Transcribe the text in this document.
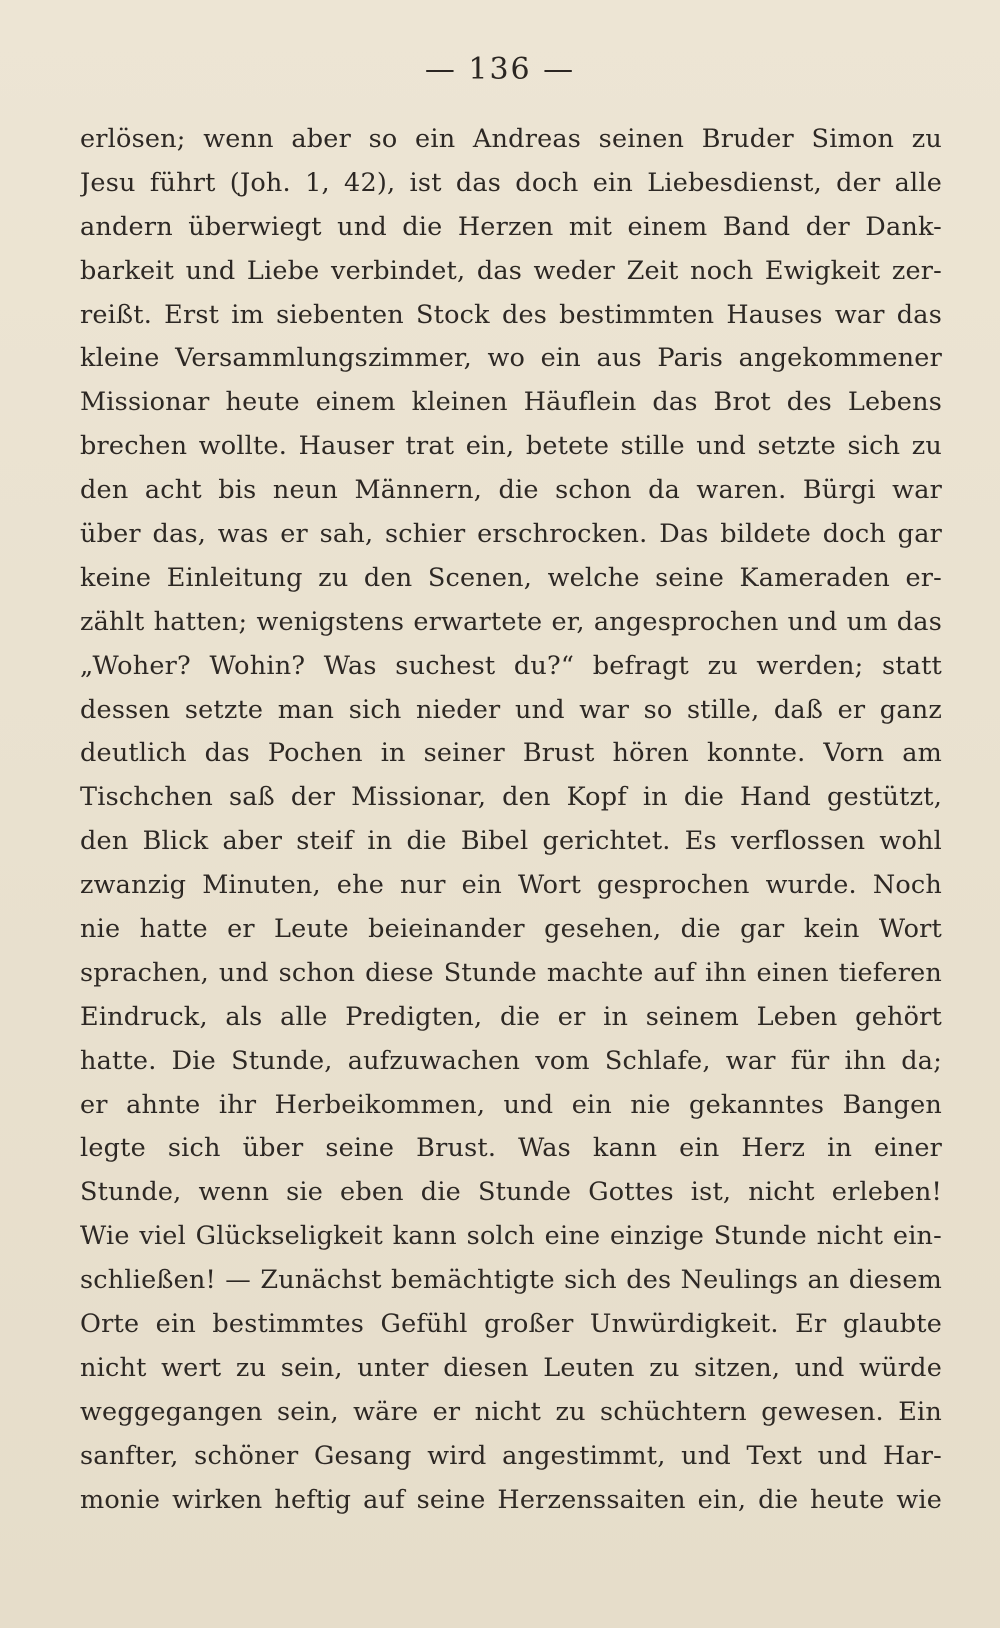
— 136 —
erlösen; wenn aber so ein Andreas seinen Bruder Simon zu
Jesu führt (Joh. 1, 42), ist das doch ein Liebesdienst, der alle
andern überwiegt und die Herzen mit einem Band der Dank-
barkeit und Liebe verbindet, das weder Zeit noch Ewigkeit zer-
reißt. Erst im siebenten Stock des bestimmten Hauses war das
kleine Versammlungszimmer, wo ein aus Paris angekommener
Missionar heute einem kleinen Häuflein das Brot des Lebens
brechen wollte. Hauser trat ein, betete stille und setzte sich zu
den acht bis neun Männern, die schon da waren. Bürgi war
über das, was er sah, schier erschrocken. Das bildete doch gar
keine Einleitung zu den Scenen, welche seine Kameraden er-
zählt hatten; wenigstens erwartete er, angesprochen und um das
„Woher? Wohin? Was suchest du?“ befragt zu werden; statt
dessen setzte man sich nieder und war so stille, daß er ganz
deutlich das Pochen in seiner Brust hören konnte. Vorn am
Tischchen saß der Missionar, den Kopf in die Hand gestützt,
den Blick aber steif in die Bibel gerichtet. Es verflossen wohl
zwanzig Minuten, ehe nur ein Wort gesprochen wurde. Noch
nie hatte er Leute beieinander gesehen, die gar kein Wort
sprachen, und schon diese Stunde machte auf ihn einen tieferen
Eindruck, als alle Predigten, die er in seinem Leben gehört
hatte. Die Stunde, aufzuwachen vom Schlafe, war für ihn da;
er ahnte ihr Herbeikommen, und ein nie gekanntes Bangen
legte sich über seine Brust. Was kann ein Herz in einer
Stunde, wenn sie eben die Stunde Gottes ist, nicht erleben!
Wie viel Glückseligkeit kann solch eine einzige Stunde nicht ein-
schließen! — Zunächst bemächtigte sich des Neulings an diesem
Orte ein bestimmtes Gefühl großer Unwürdigkeit. Er glaubte
nicht wert zu sein, unter diesen Leuten zu sitzen, und würde
weggegangen sein, wäre er nicht zu schüchtern gewesen. Ein
sanfter, schöner Gesang wird angestimmt, und Text und Har-
monie wirken heftig auf seine Herzenssaiten ein, die heute wie
